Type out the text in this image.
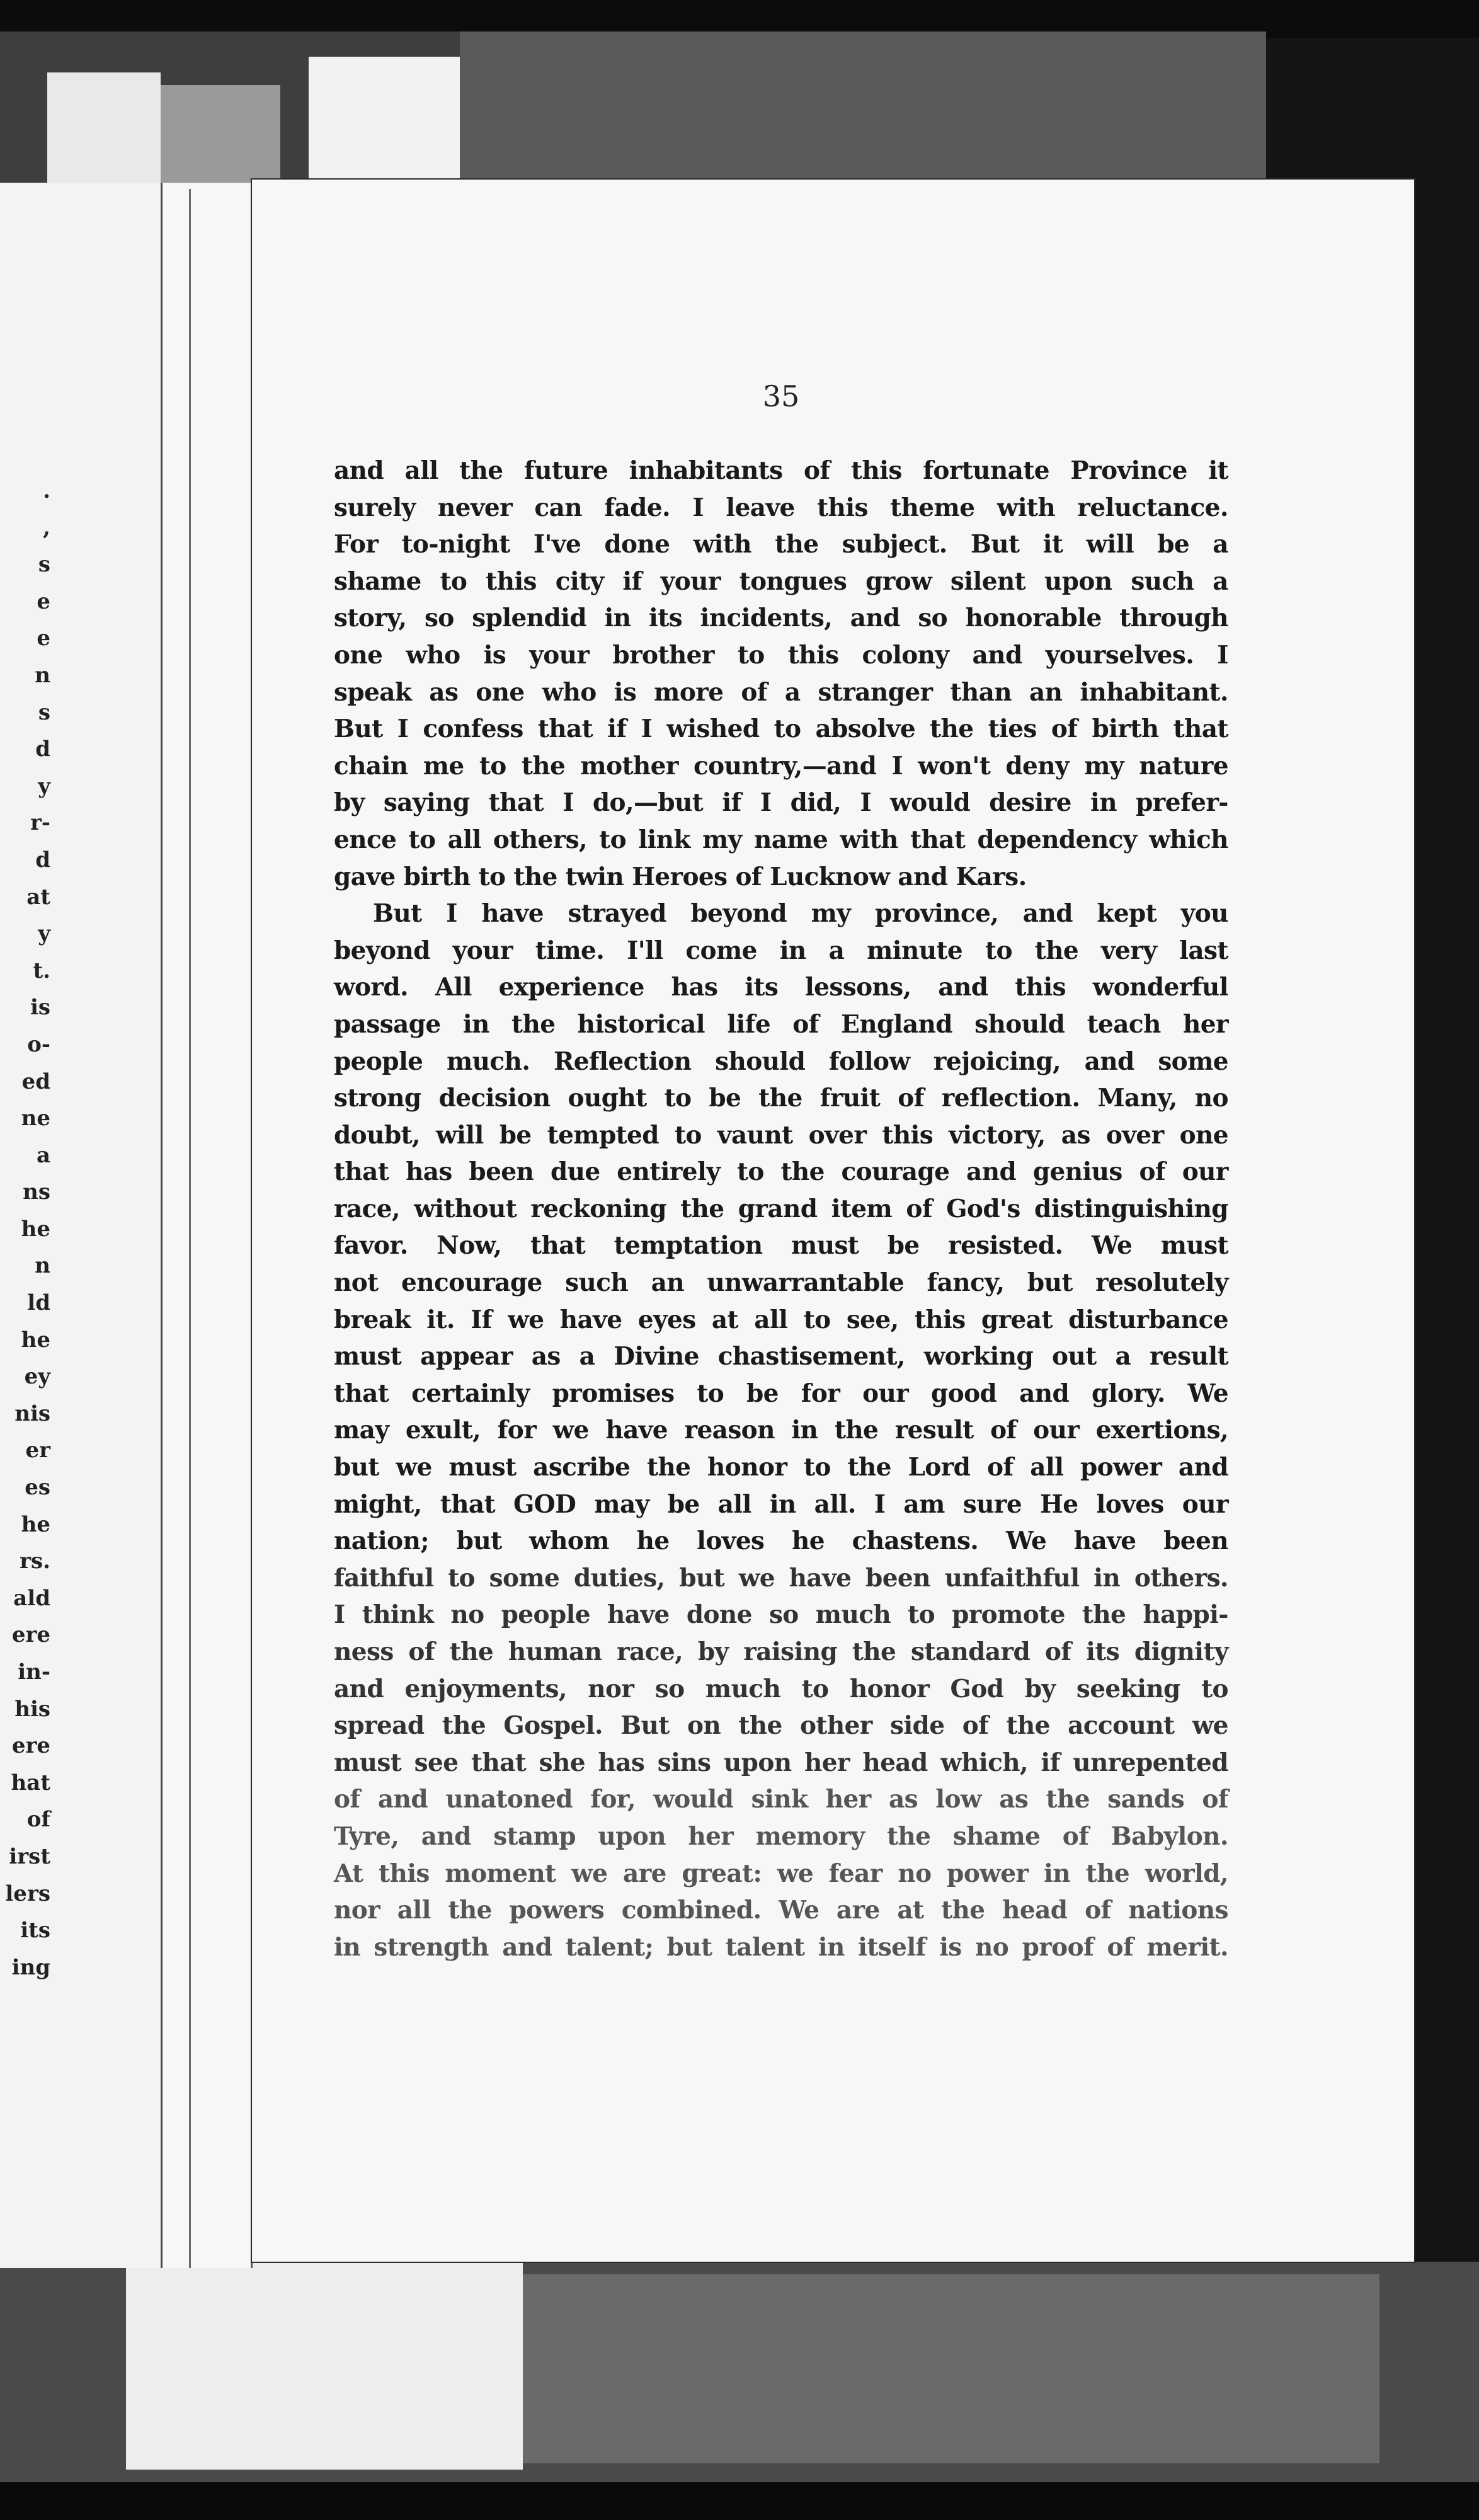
.
,
s
e
e
n
s
d
y
r-
d
at
y
t.
is
o-
ed
ne
a
ns
he
n
ld
he
ey
nis
er
es
he
rs.
ald
ere
in-
his
ere
hat
of
irst
lers
its
ing
35
and all the future inhabitants of this fortunate Province it
surely never can fade. I leave this theme with reluctance.
For to-night I've done with the subject. But it will be a
shame to this city if your tongues grow silent upon such a
story, so splendid in its incidents, and so honorable through
one who is your brother to this colony and yourselves. I
speak as one who is more of a stranger than an inhabitant.
But I confess that if I wished to absolve the ties of birth that
chain me to the mother country,—and I won't deny my nature
by saying that I do,—but if I did, I would desire in prefer-
ence to all others, to link my name with that dependency which
gave birth to the twin Heroes of Lucknow and Kars.
But I have strayed beyond my province, and kept you
beyond your time. I'll come in a minute to the very last
word. All experience has its lessons, and this wonderful
passage in the historical life of England should teach her
people much. Reflection should follow rejoicing, and some
strong decision ought to be the fruit of reflection. Many, no
doubt, will be tempted to vaunt over this victory, as over one
that has been due entirely to the courage and genius of our
race, without reckoning the grand item of God's distinguishing
favor. Now, that temptation must be resisted. We must
not encourage such an unwarrantable fancy, but resolutely
break it. If we have eyes at all to see, this great disturbance
must appear as a Divine chastisement, working out a result
that certainly promises to be for our good and glory. We
may exult, for we have reason in the result of our exertions,
but we must ascribe the honor to the Lord of all power and
might, that GOD may be all in all. I am sure He loves our
nation; but whom he loves he chastens. We have been
faithful to some duties, but we have been unfaithful in others.
I think no people have done so much to promote the happi-
ness of the human race, by raising the standard of its dignity
and enjoyments, nor so much to honor God by seeking to
spread the Gospel. But on the other side of the account we
must see that she has sins upon her head which, if unrepented
of and unatoned for, would sink her as low as the sands of
Tyre, and stamp upon her memory the shame of Babylon.
At this moment we are great: we fear no power in the world,
nor all the powers combined. We are at the head of nations
in strength and talent; but talent in itself is no proof of merit.
